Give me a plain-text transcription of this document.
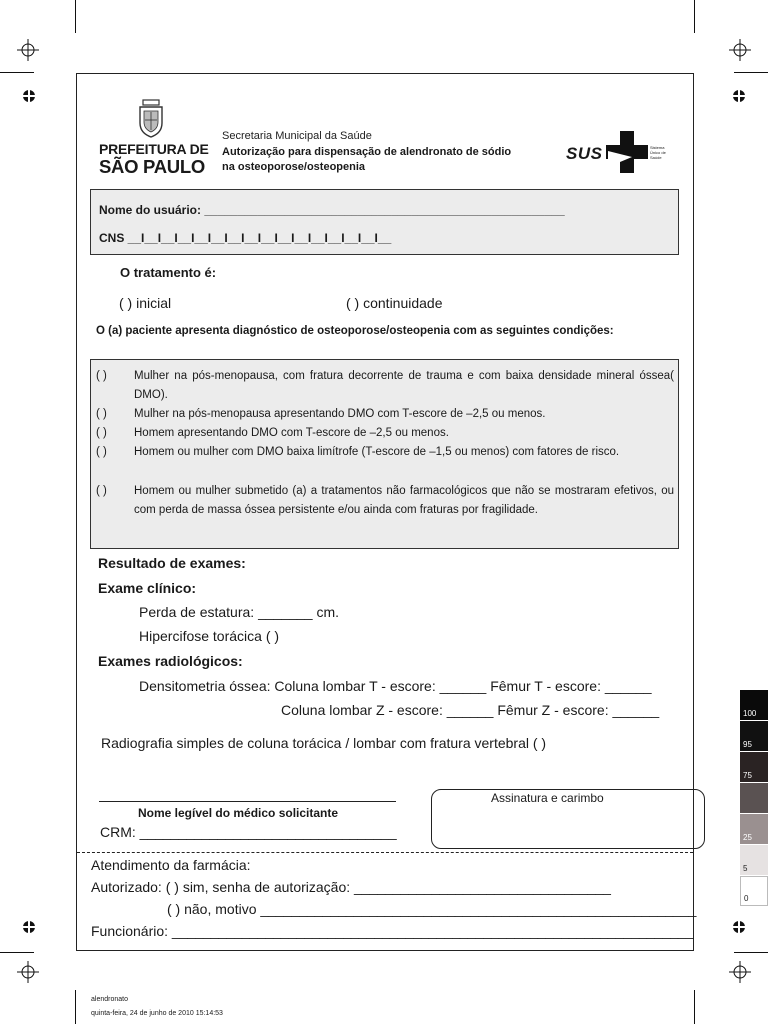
PREFEITURA DE
SÃO PAULO
Secretaria Municipal da Saúde
Autorização para dispensação de alendronato de sódio
na osteoporose/osteopenia
SUS	Sistema Único de Saúde
Nome do usuário: ______________________________________________________
CNS __I__I__I__I__I__I__I__I__I__I__I__I__I__I__I__
O tratamento é:
( ) inicial	( ) continuidade
O (a) paciente apresenta diagnóstico de osteoporose/osteopenia com as seguintes condições:
( ) Mulher na pós-menopausa, com fratura decorrente de trauma e com baixa densidade mineral óssea( DMO).
( ) Mulher na pós-menopausa apresentando DMO com T-escore de –2,5 ou menos.
( ) Homem apresentando DMO com T-escore de –2,5 ou menos.
( ) Homem ou mulher com DMO baixa limítrofe (T-escore de –1,5 ou menos) com fatores de risco.
( ) Homem ou mulher submetido (a) a tratamentos não farmacológicos que não se mostraram efetivos, ou com perda de massa óssea persistente e/ou ainda com fraturas por fragilidade.
Resultado de exames:
Exame clínico:
Perda de estatura: _______ cm.
Hipercifose torácica ( )
Exames radiológicos:
Densitometria óssea: Coluna lombar T - escore: ______ Fêmur T - escore: ______
Coluna lombar Z - escore: ______ Fêmur Z - escore: ______
Radiografia simples de coluna torácica / lombar com fratura vertebral ( )
Nome legível do médico solicitante
CRM: _________________________________
Assinatura e carimbo
Atendimento da farmácia:
Autorizado: ( ) sim, senha de autorização: _________________________________
( ) não, motivo ________________________________________________________
Funcionário: ___________________________________________________________________
100
95
75
25
5
0
alendronato
quinta-feira, 24 de junho de 2010 15:14:53
